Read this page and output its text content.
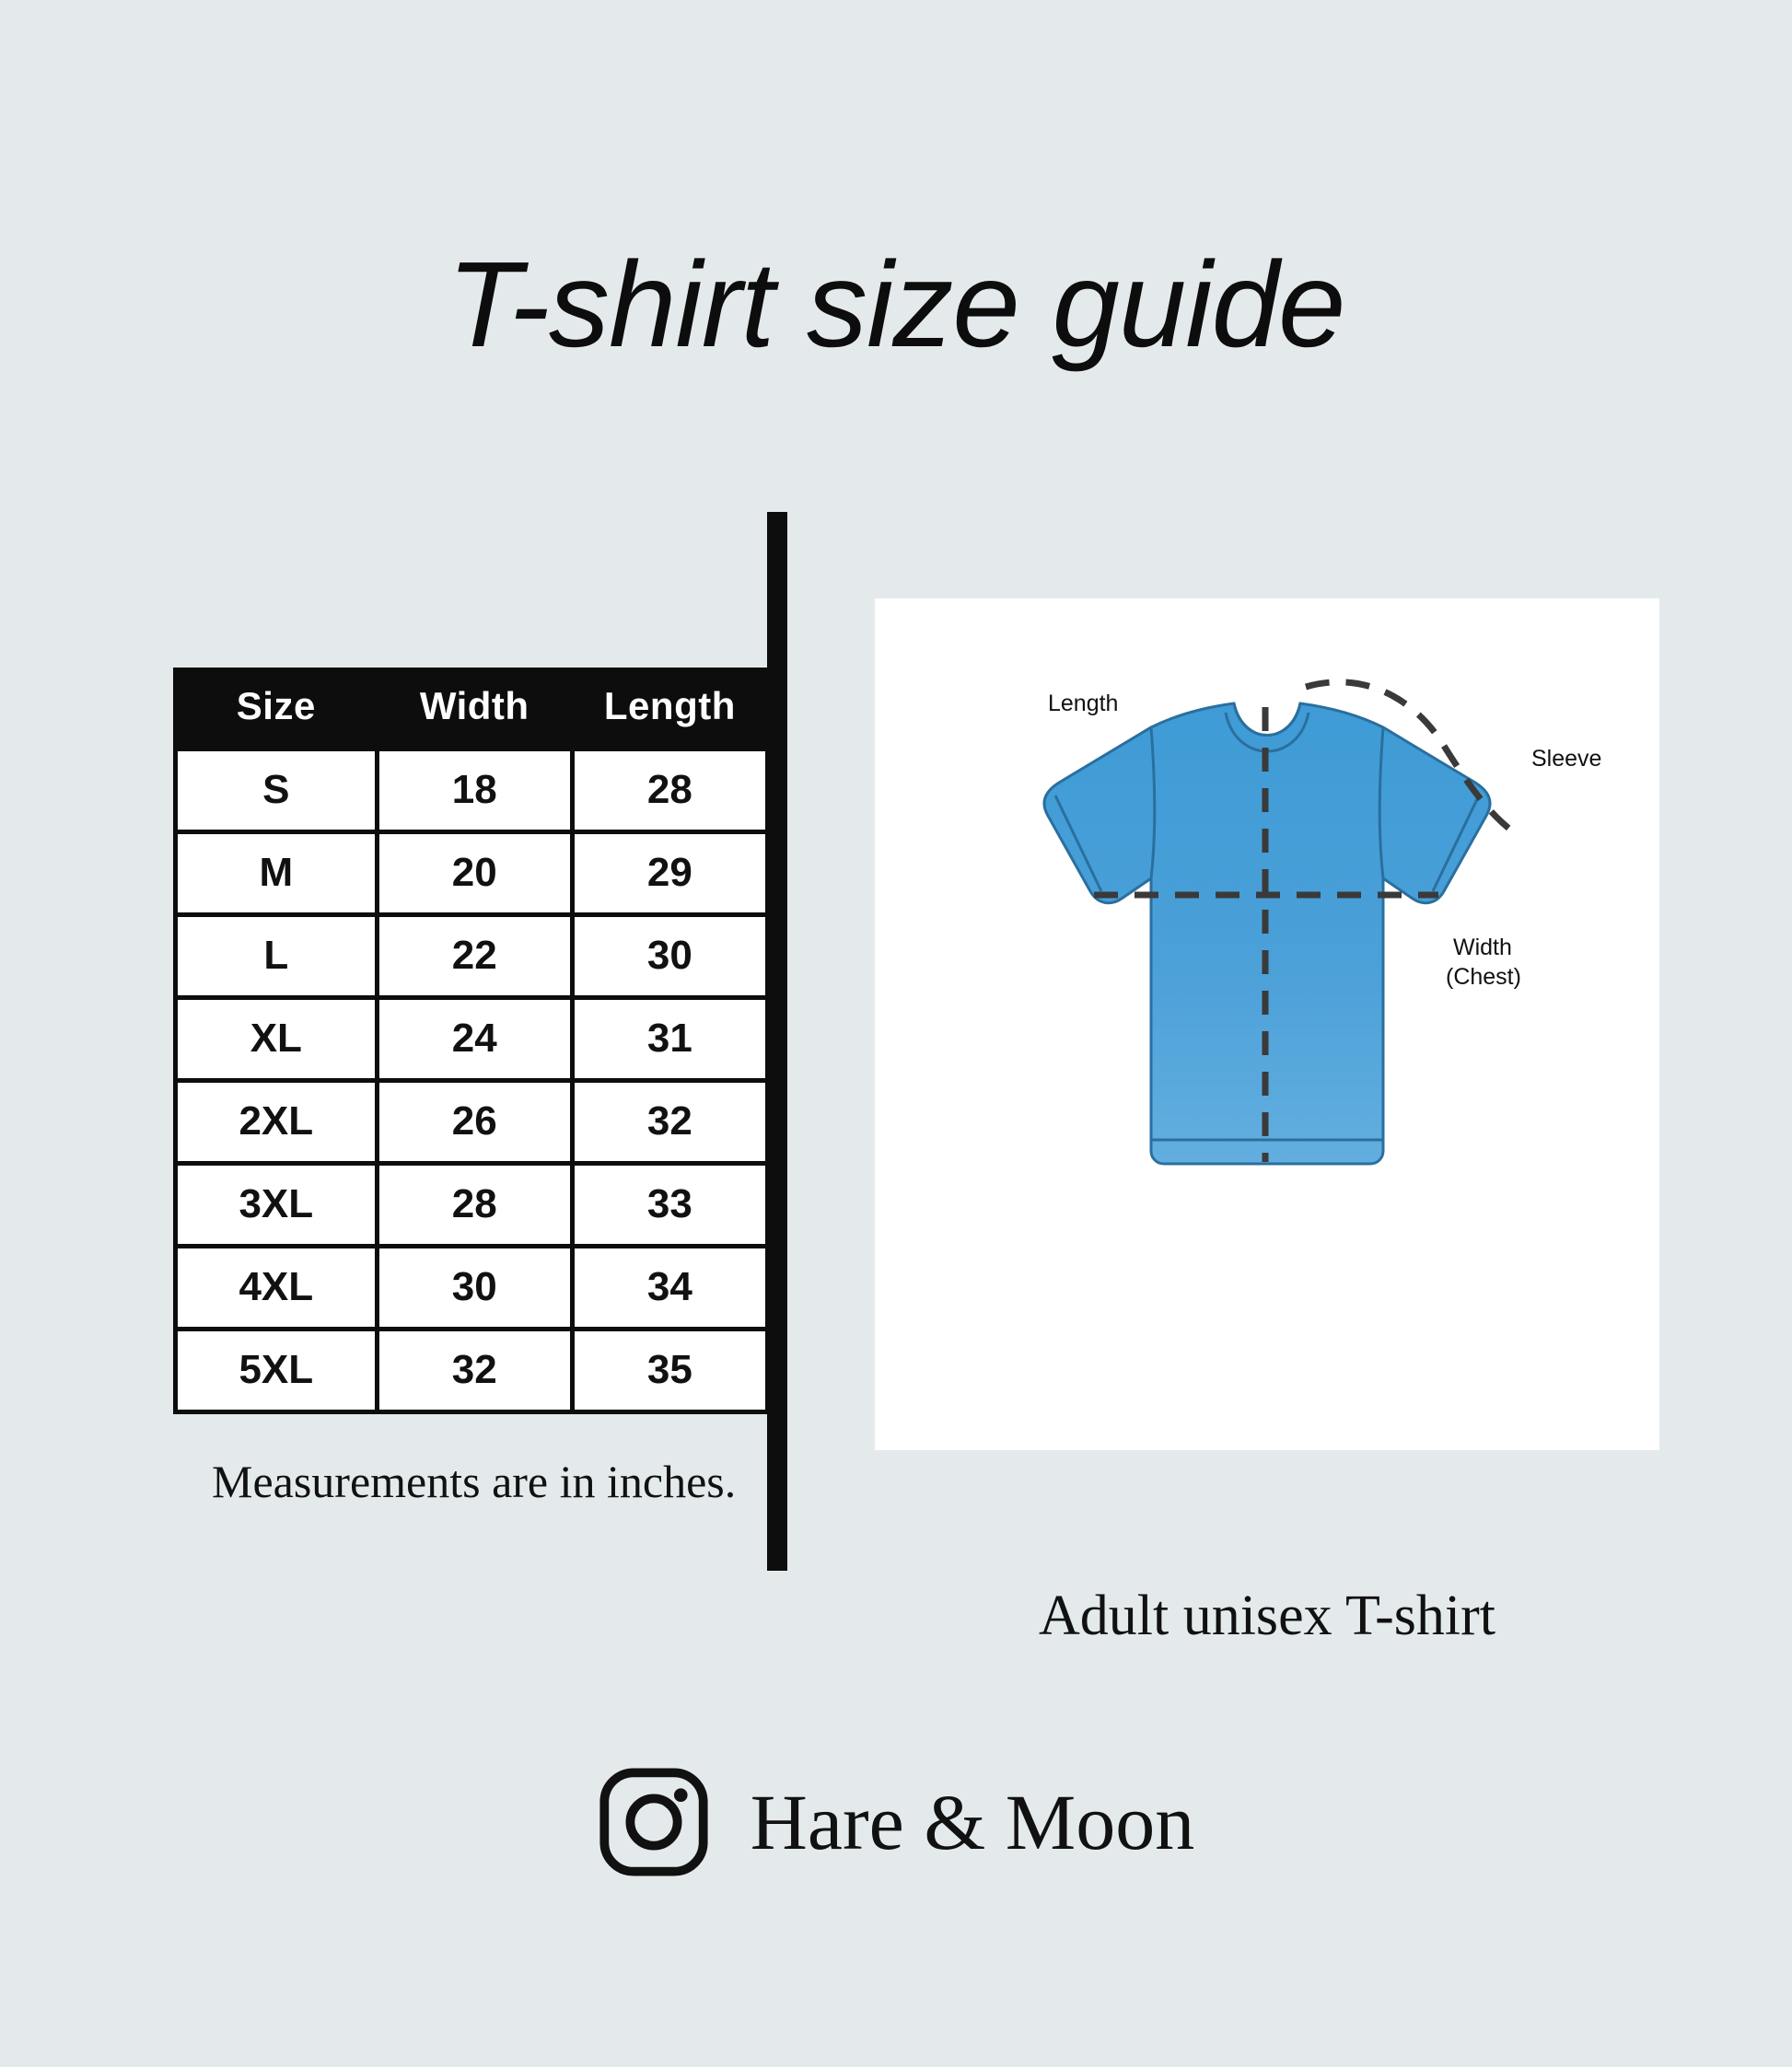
T-shirt size guide
Size	Width	Length
S	18	28
M	20	29
L	22	30
XL	24	31
2XL	26	32
3XL	28	33
4XL	30	34
5XL	32	35
Measurements are in inches.
Length
Sleeve
Width
(Chest)
Adult unisex T-shirt
Hare & Moon
